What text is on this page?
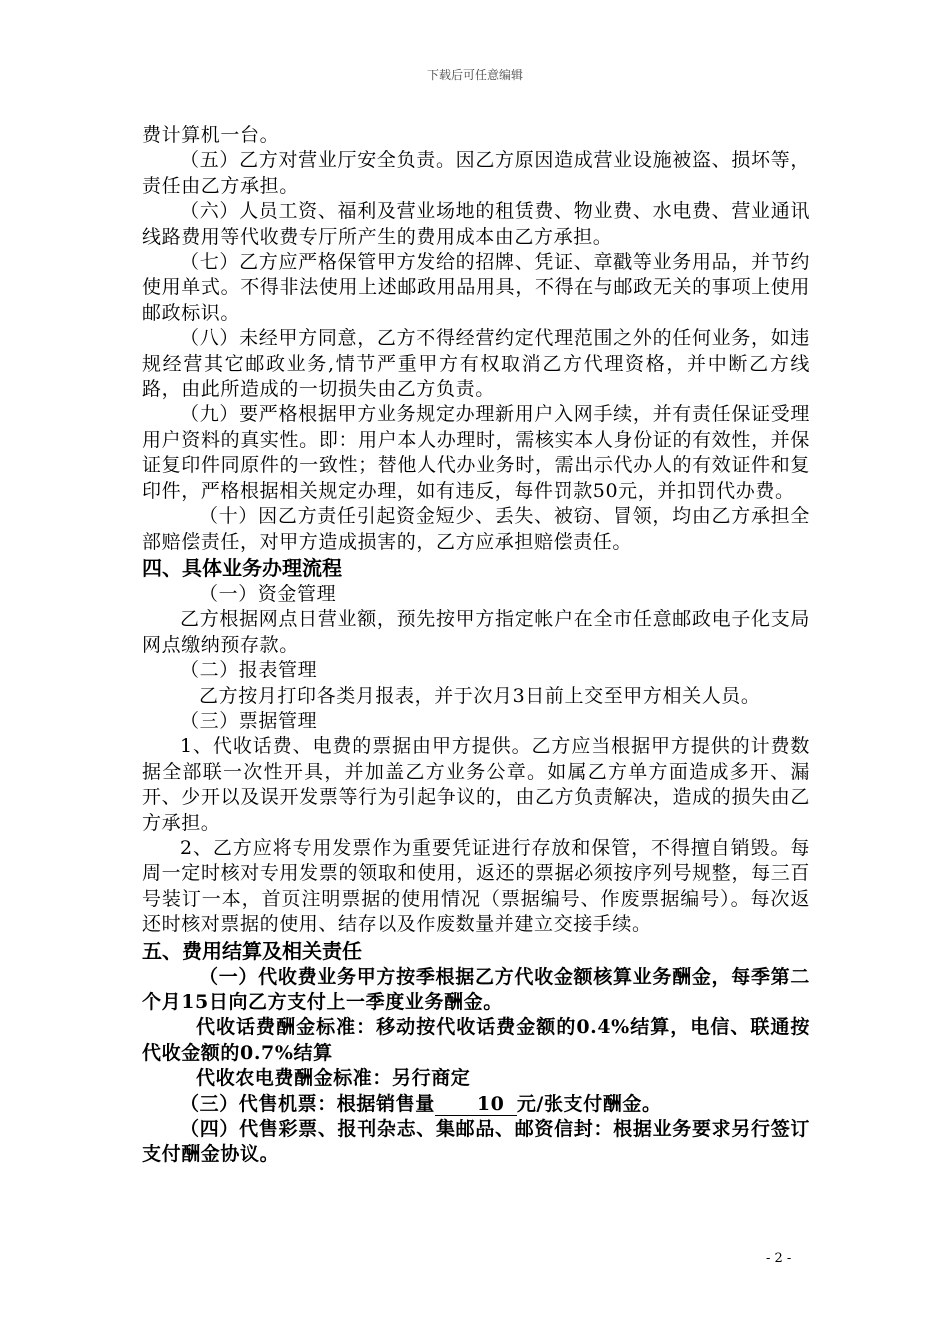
下载后可任意编辑

费计算机一台。

（五）乙方对营业厅安全负责。因乙方原因造成营业设施被盗、损坏等，责任由乙方承担。

（六）人员工资、福利及营业场地的租赁费、物业费、水电费、营业通讯线路费用等代收费专厅所产生的费用成本由乙方承担。

（七）乙方应严格保管甲方发给的招牌、凭证、章戳等业务用品，并节约使用单式。不得非法使用上述邮政用品用具，不得在与邮政无关的事项上使用邮政标识。

（八）未经甲方同意，乙方不得经营约定代理范围之外的任何业务，如违规经营其它邮政业务,情节严重甲方有权取消乙方代理资格，并中断乙方线路，由此所造成的一切损失由乙方负责。

（九）要严格根据甲方业务规定办理新用户入网手续，并有责任保证受理用户资料的真实性。即：用户本人办理时，需核实本人身份证的有效性，并保证复印件同原件的一致性；替他人代办业务时，需出示代办人的有效证件和复印件，严格根据相关规定办理，如有违反，每件罚款50元，并扣罚代办费。

（十）因乙方责任引起资金短少、丢失、被窃、冒领，均由乙方承担全部赔偿责任，对甲方造成损害的，乙方应承担赔偿责任。

四、具体业务办理流程

（一）资金管理

乙方根据网点日营业额，预先按甲方指定帐户在全市任意邮政电子化支局网点缴纳预存款。

（二）报表管理

乙方按月打印各类月报表，并于次月3日前上交至甲方相关人员。

（三）票据管理

1、代收话费、电费的票据由甲方提供。乙方应当根据甲方提供的计费数据全部联一次性开具，并加盖乙方业务公章。如属乙方单方面造成多开、漏开、少开以及误开发票等行为引起争议的，由乙方负责解决，造成的损失由乙方承担。

2、乙方应将专用发票作为重要凭证进行存放和保管，不得擅自销毁。每周一定时核对专用发票的领取和使用，返还的票据必须按序列号规整，每三百号装订一本，首页注明票据的使用情况（票据编号、作废票据编号）。每次返还时核对票据的使用、结存以及作废数量并建立交接手续。

五、费用结算及相关责任

（一）代收费业务甲方按季根据乙方代收金额核算业务酬金，每季第二个月15日向乙方支付上一季度业务酬金。

代收话费酬金标准：移动按代收话费金额的0.4%结算，电信、联通按代收金额的0.7%结算

代收农电费酬金标准：另行商定

（三）代售机票：根据销售量 10 元/张支付酬金。

（四）代售彩票、报刊杂志、集邮品、邮资信封：根据业务要求另行签订支付酬金协议。

- 2 -
